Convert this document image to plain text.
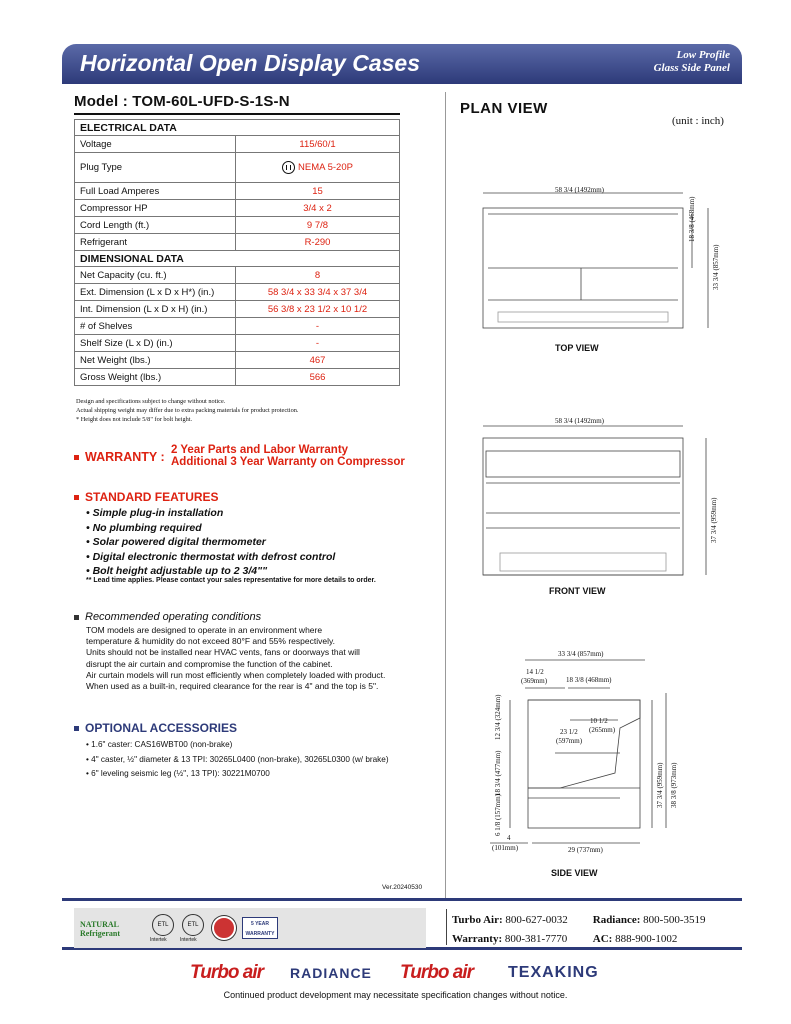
Horizontal Open Display Cases	Low Profile
Glass Side Panel
Model : TOM-60L-UFD-S-1S-N
ELECTRICAL DATA	
Voltage	115/60/1
Plug Type	NEMA 5-20P
Full Load Amperes	15
Compressor HP	3/4 x 2
Cord Length (ft.)	9 7/8
Refrigerant	R-290
DIMENSIONAL DATA	
Net Capacity (cu. ft.)	8
Ext. Dimension (L x D x H*) (in.)	58 3/4 x 33 3/4 x 37 3/4
Int. Dimension (L x D x H) (in.)	56 3/8 x 23 1/2 x 10 1/2
# of Shelves	-
Shelf Size (L x D) (in.)	-
Net Weight (lbs.)	467
Gross Weight (lbs.)	566
Design and specifications subject to change without notice.
Actual shipping weight may differ due to extra packing materials for product protection.
* Height does not include 5/8" for bolt height.
WARRANTY : 2 Year Parts and Labor Warranty
Additional 3 Year Warranty on Compressor
STANDARD FEATURES
• Simple plug-in installation
• No plumbing required
• Solar powered digital thermometer
• Digital electronic thermostat with defrost control
• Bolt height adjustable up to 2 3/4""
** Lead time applies. Please contact your sales representative for more details to order.
Recommended operating conditions
TOM models are designed to operate in an environment where
temperature & humidity do not exceed 80°F and 55% respectively.
Units should not be installed near HVAC vents, fans or doorways that will
disrupt the air curtain and compromise the function of the cabinet.
Air curtain models will run most efficiently when completely loaded with product.
When used as a built-in, required clearance for the rear is 4" and the top is 5".
OPTIONAL ACCESSORIES
• 1.6" caster: CAS16WBT00 (non-brake)
• 4" caster, ½" diameter & 13 TPI: 30265L0400 (non-brake), 30265L0300 (w/ brake)
• 6" leveling seismic leg (½", 13 TPI): 30221M0700
Ver.20240530
PLAN VIEW
(unit : inch)
58 3/4 (1492mm)
18 3/8 (468mm)
33 3/4 (857mm)
TOP VIEW
58 3/4 (1492mm)
37 3/4 (959mm)
FRONT VIEW
33 3/4 (857mm)
14 1/2
(369mm)	18 3/8 (468mm)
10 1/2
(265mm)
23 1/2
(597mm)
12 3/4 (324mm)
18 3/4 (477mm)
6 1/8 (157mm)
37 3/4 (959mm) 38 3/8 (973mm)
4
(101mm)	29 (737mm)
SIDE VIEW
NATURAL Refrigerant
ETL
Intertek
ETL
Intertek
5 YEAR WARRANTY
Turbo Air: 800-627-0032 Radiance: 800-500-3519
Warranty: 800-381-7770 AC: 888-900-1002
Turbo air RADIANCE Turbo air TEXAKING
Continued product development may necessitate specification changes without notice.
